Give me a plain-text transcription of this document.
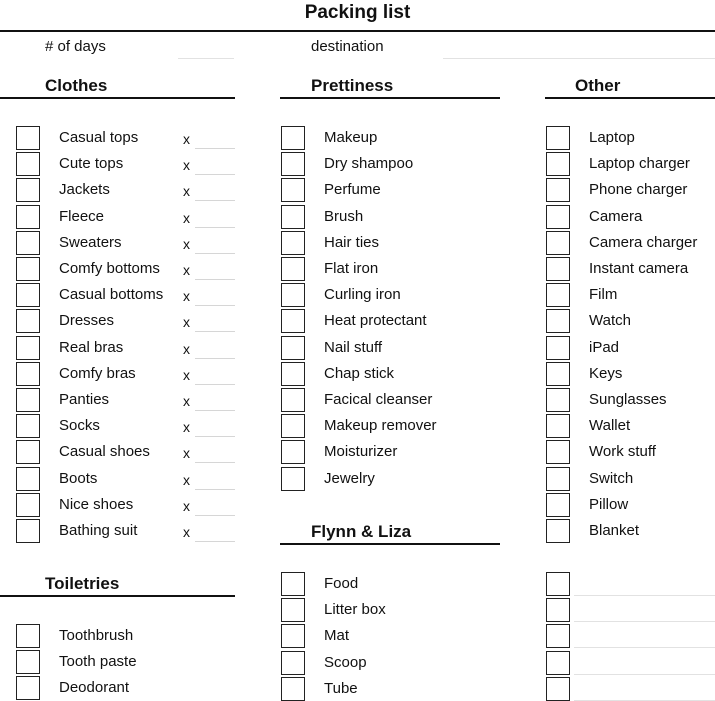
Packing list
# of days	destination
Clothes	Prettiness	Other
Toiletries
Flynn & Liza
Casual tops	x
Cute tops	x
Jackets	x
Fleece	x
Sweaters	x
Comfy bottoms x
Casual bottoms x
Dresses	x
Real bras	x
Comfy bras	x
Panties	x
Socks	x
Casual shoes x
Boots	x
Nice shoes	x
Bathing suit	x
Makeup
Dry shampoo
Perfume
Brush
Hair ties
Flat iron
Curling iron
Heat protectant
Nail stuff
Chap stick
Facical cleanser
Makeup remover
Moisturizer
Jewelry
Laptop
Laptop charger
Phone charger
Camera
Camera charger
Instant camera
Film
Watch
iPad
Keys
Sunglasses
Wallet
Work stuff
Switch
Pillow
Blanket
Toothbrush
Tooth paste
Deodorant
Food
Litter box
Mat
Scoop
Tube
